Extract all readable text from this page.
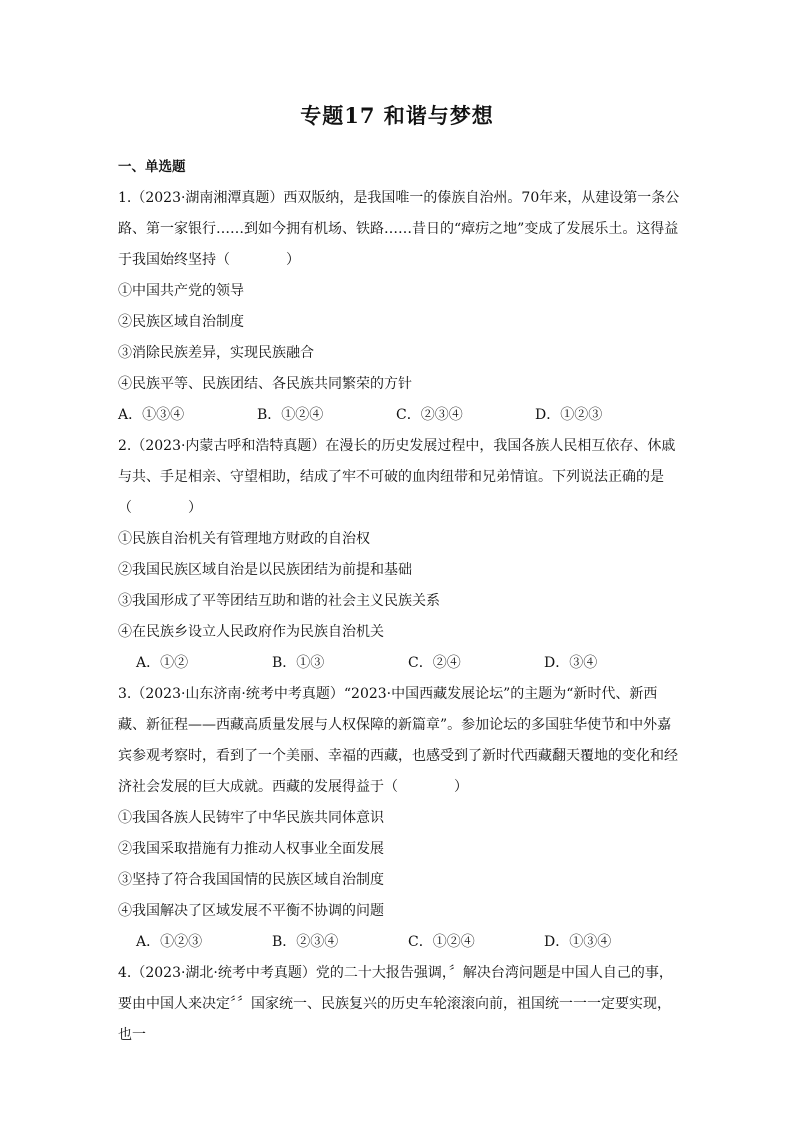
专题17 和谐与梦想
一、单选题
1.（2023·湖南湘潭真题）西双版纳，是我国唯一的傣族自治州。70年来，从建设第一条公路、第一家银行……到如今拥有机场、铁路……昔日的“瘴疠之地”变成了发展乐土。这得益于我国始终坚持（　　　　）
①中国共产党的领导
②民族区域自治制度
③消除民族差异，实现民族融合
④民族平等、民族团结、各民族共同繁荣的方针
A．①③④	B．①②④	C．②③④	D．①②③
2.（2023·内蒙古呼和浩特真题）在漫长的历史发展过程中，我国各族人民相互依存、休戚与共、手足相亲、守望相助，结成了牢不可破的血肉纽带和兄弟情谊。下列说法正确的是（　　　　）
①民族自治机关有管理地方财政的自治权
②我国民族区域自治是以民族团结为前提和基础
③我国形成了平等团结互助和谐的社会主义民族关系
④在民族乡设立人民政府作为民族自治机关
A．①②	B．①③	C．②④	D．③④
3.（2023·山东济南·统考中考真题）“2023·中国西藏发展论坛”的主题为“新时代、新西藏、新征程——西藏高质量发展与人权保障的新篇章”。参加论坛的多国驻华使节和中外嘉宾参观考察时，看到了一个美丽、幸福的西藏，也感受到了新时代西藏翻天覆地的变化和经济社会发展的巨大成就。西藏的发展得益于（　　　　）
①我国各族人民铸牢了中华民族共同体意识
②我国采取措施有力推动人权事业全面发展
③坚持了符合我国国情的民族区域自治制度
④我国解决了区域发展不平衡不协调的问题
A．①②③	B．②③④	C．①②④	D．①③④
4.（2023·湖北·统考中考真题）党的二十大报告强调，〞解决台湾问题是中国人自己的事，要由中国人来决定〞〞国家统一、民族复兴的历史车轮滚滚向前，祖国统一一一定要实现，也一
